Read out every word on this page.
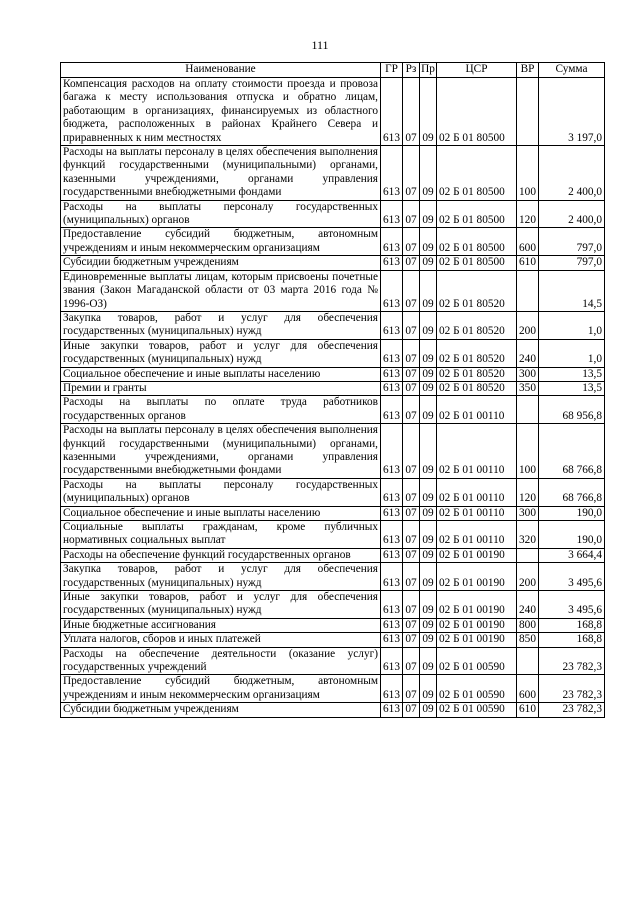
111
Наименование	ГР	Рз	Пр	ЦСР	ВР	Сумма
Компенсация расходов на оплату стоимости проезда и провоза багажа к месту использования отпуска и обратно лицам, работающим в организациях, финансируемых из областного бюджета, расположенных в районах Крайнего Севера и приравненных к ним местностях	613	07	09	02 Б 01 80500		3 197,0
Расходы на выплаты персоналу в целях обеспечения выполнения функций государственными (муниципальными) органами, казенными учреждениями, органами управления государственными внебюджетными фондами	613	07	09	02 Б 01 80500	100	2 400,0
Расходы на выплаты персоналу государственных (муниципальных) органов	613	07	09	02 Б 01 80500	120	2 400,0
Предоставление субсидий бюджетным, автономным учреждениям и иным некоммерческим организациям	613	07	09	02 Б 01 80500	600	797,0
Субсидии бюджетным учреждениям	613	07	09	02 Б 01 80500	610	797,0
Единовременные выплаты лицам, которым присвоены почетные звания (Закон Магаданской области от 03 марта 2016 года № 1996-ОЗ)	613	07	09	02 Б 01 80520		14,5
Закупка товаров, работ и услуг для обеспечения государственных (муниципальных) нужд	613	07	09	02 Б 01 80520	200	1,0
Иные закупки товаров, работ и услуг для обеспечения государственных (муниципальных) нужд	613	07	09	02 Б 01 80520	240	1,0
Социальное обеспечение и иные выплаты населению	613	07	09	02 Б 01 80520	300	13,5
Премии и гранты	613	07	09	02 Б 01 80520	350	13,5
Расходы на выплаты по оплате труда работников государственных органов	613	07	09	02 Б 01 00110		68 956,8
Расходы на выплаты персоналу в целях обеспечения выполнения функций государственными (муниципальными) органами, казенными учреждениями, органами управления государственными внебюджетными фондами	613	07	09	02 Б 01 00110	100	68 766,8
Расходы на выплаты персоналу государственных (муниципальных) органов	613	07	09	02 Б 01 00110	120	68 766,8
Социальное обеспечение и иные выплаты населению	613	07	09	02 Б 01 00110	300	190,0
Социальные выплаты гражданам, кроме публичных нормативных социальных выплат	613	07	09	02 Б 01 00110	320	190,0
Расходы на обеспечение функций государственных органов	613	07	09	02 Б 01 00190		3 664,4
Закупка товаров, работ и услуг для обеспечения государственных (муниципальных) нужд	613	07	09	02 Б 01 00190	200	3 495,6
Иные закупки товаров, работ и услуг для обеспечения государственных (муниципальных) нужд	613	07	09	02 Б 01 00190	240	3 495,6
Иные бюджетные ассигнования	613	07	09	02 Б 01 00190	800	168,8
Уплата налогов, сборов и иных платежей	613	07	09	02 Б 01 00190	850	168,8
Расходы на обеспечение деятельности (оказание услуг) государственных учреждений	613	07	09	02 Б 01 00590		23 782,3
Предоставление субсидий бюджетным, автономным учреждениям и иным некоммерческим организациям	613	07	09	02 Б 01 00590	600	23 782,3
Субсидии бюджетным учреждениям	613	07	09	02 Б 01 00590	610	23 782,3
